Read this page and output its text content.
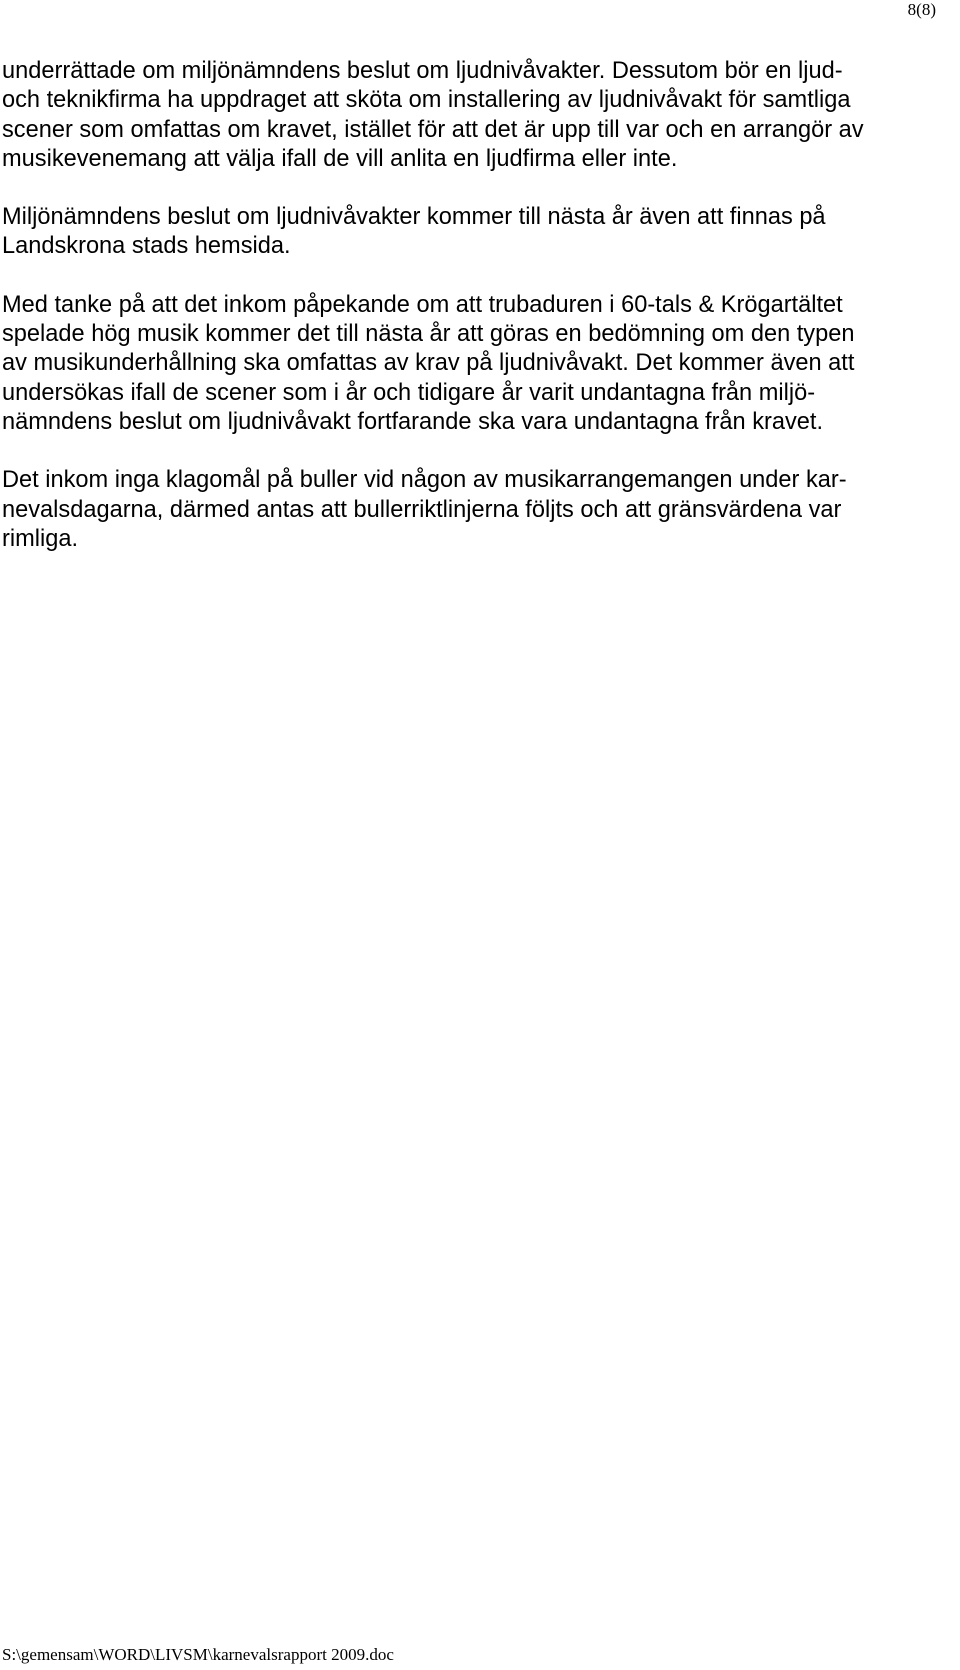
8(8)

underrättade om miljönämndens beslut om ljudnivåvakter. Dessutom bör en ljud-
och teknikfirma ha uppdraget att sköta om installering av ljudnivåvakt för samtliga
scener som omfattas om kravet, istället för att det är upp till var och en arrangör av
musikevenemang att välja ifall de vill anlita en ljudfirma eller inte.

Miljönämndens beslut om ljudnivåvakter kommer till nästa år även att finnas på
Landskrona stads hemsida.

Med tanke på att det inkom påpekande om att trubaduren i 60-tals & Krögartältet
spelade hög musik kommer det till nästa år att göras en bedömning om den typen
av musikunderhållning ska omfattas av krav på ljudnivåvakt. Det kommer även att
undersökas ifall de scener som i år och tidigare år varit undantagna från miljö-
nämndens beslut om ljudnivåvakt fortfarande ska vara undantagna från kravet.

Det inkom inga klagomål på buller vid någon av musikarrangemangen under kar-
nevalsdagarna, därmed antas att bullerriktlinjerna följts och att gränsvärdena var
rimliga.

S:\gemensam\WORD\LIVSM\karnevalsrapport 2009.doc
